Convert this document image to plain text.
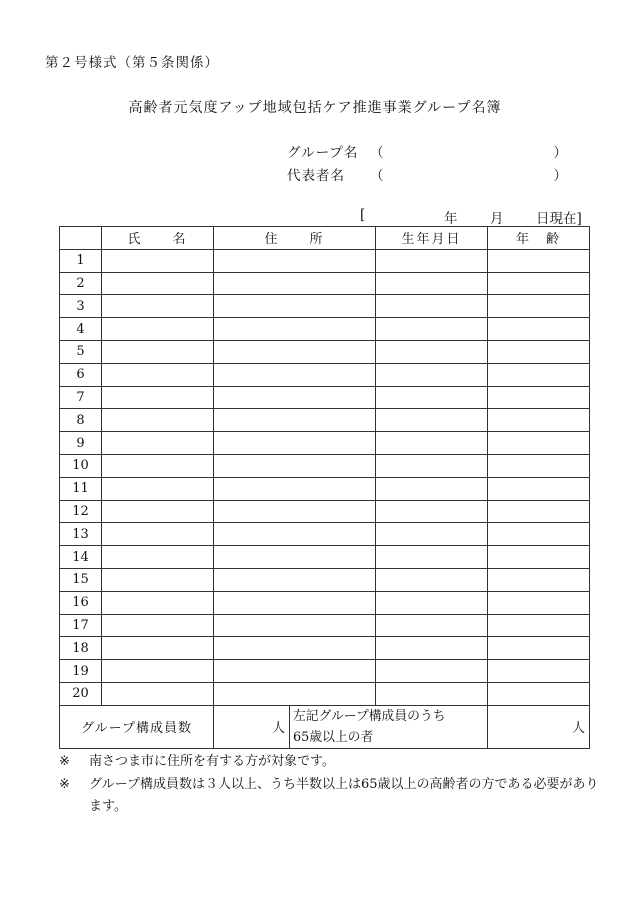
第２号様式（第５条関係）
高齢者元気度アップ地域包括ケア推進事業グループ名簿
グループ名 （	）
代表者名 （	）
[	年 月 日現在]
	氏　　名	住　　所		生年月日	年　齢
1					
2					
3					
4					
5					
6					
7					
8					
9					
10					
11					
12					
13					
14					
15					
16					
17					
18					
19					
20					
グループ構成員数		人	左記グループ構成員のうち
65歳以上の者		人
※ 南さつま市に住所を有する方が対象です。
※ グループ構成員数は３人以上、うち半数以上は65歳以上の高齢者の方である必要があります。
